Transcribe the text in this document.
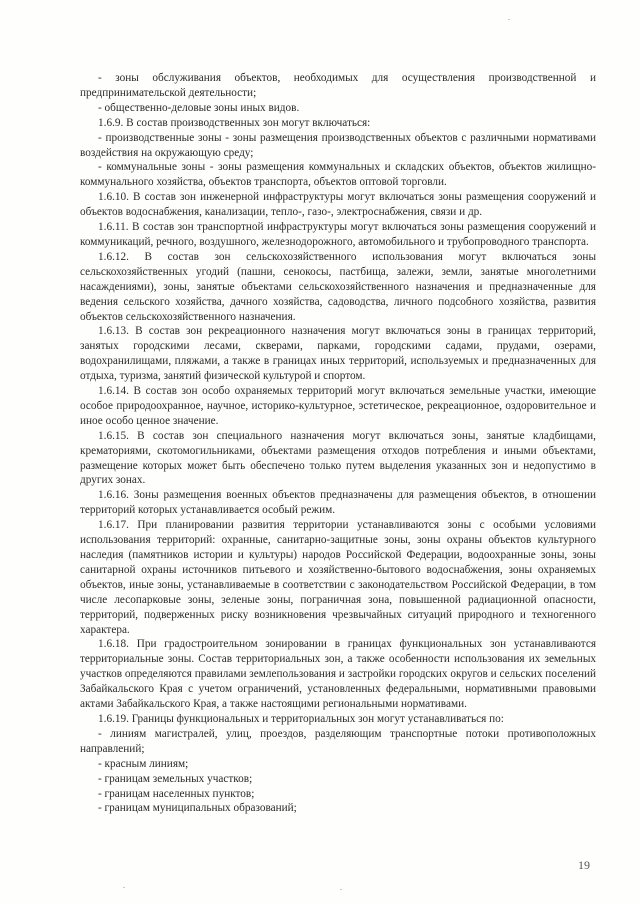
- зоны обслуживания объектов, необходимых для осуществления производственной и предпринимательской деятельности;

- общественно-деловые зоны иных видов.

1.6.9. В состав производственных зон могут включаться:

- производственные зоны - зоны размещения производственных объектов с различными нормативами воздействия на окружающую среду;

- коммунальные зоны - зоны размещения коммунальных и складских объектов, объектов жилищно-коммунального хозяйства, объектов транспорта, объектов оптовой торговли.

1.6.10. В состав зон инженерной инфраструктуры могут включаться зоны размещения сооружений и объектов водоснабжения, канализации, тепло-, газо-, электроснабжения, связи и др.

1.6.11. В состав зон транспортной инфраструктуры могут включаться зоны размещения сооружений и коммуникаций, речного, воздушного, железнодорожного, автомобильного и трубопроводного транспорта.

1.6.12. В состав зон сельскохозяйственного использования могут включаться зоны сельскохозяйственных угодий (пашни, сенокосы, пастбища, залежи, земли, занятые многолетними насаждениями), зоны, занятые объектами сельскохозяйственного назначения и предназначенные для ведения сельского хозяйства, дачного хозяйства, садоводства, личного подсобного хозяйства, развития объектов сельскохозяйственного назначения.

1.6.13. В состав зон рекреационного назначения могут включаться зоны в границах территорий, занятых городскими лесами, скверами, парками, городскими садами, прудами, озерами, водохранилищами, пляжами, а также в границах иных территорий, используемых и предназначенных для отдыха, туризма, занятий физической культурой и спортом.

1.6.14. В состав зон особо охраняемых территорий могут включаться земельные участки, имеющие особое природоохранное, научное, историко-культурное, эстетическое, рекреационное, оздоровительное и иное особо ценное значение.

1.6.15. В состав зон специального назначения могут включаться зоны, занятые кладбищами, крематориями, скотомогильниками, объектами размещения отходов потребления и иными объектами, размещение которых может быть обеспечено только путем выделения указанных зон и недопустимо в других зонах.

1.6.16. Зоны размещения военных объектов предназначены для размещения объектов, в отношении территорий которых устанавливается особый режим.

1.6.17. При планировании развития территории устанавливаются зоны с особыми условиями использования территорий: охранные, санитарно-защитные зоны, зоны охраны объектов культурного наследия (памятников истории и культуры) народов Российской Федерации, водоохранные зоны, зоны санитарной охраны источников питьевого и хозяйственно-бытового водоснабжения, зоны охраняемых объектов, иные зоны, устанавливаемые в соответствии с законодательством Российской Федерации, в том числе лесопарковые зоны, зеленые зоны, пограничная зона, повышенной радиационной опасности, территорий, подверженных риску возникновения чрезвычайных ситуаций природного и техногенного характера.

1.6.18. При градостроительном зонировании в границах функциональных зон устанавливаются территориальные зоны. Состав территориальных зон, а также особенности использования их земельных участков определяются правилами землепользования и застройки городских округов и сельских поселений Забайкальского Края с учетом ограничений, установленных федеральными, нормативными правовыми актами Забайкальского Края, а также настоящими региональными нормативами.

1.6.19. Границы функциональных и территориальных зон могут устанавливаться по:

- линиям магистралей, улиц, проездов, разделяющим транспортные потоки противоположных направлений;

- красным линиям;

- границам земельных участков;

- границам населенных пунктов;

- границам муниципальных образований;

19
